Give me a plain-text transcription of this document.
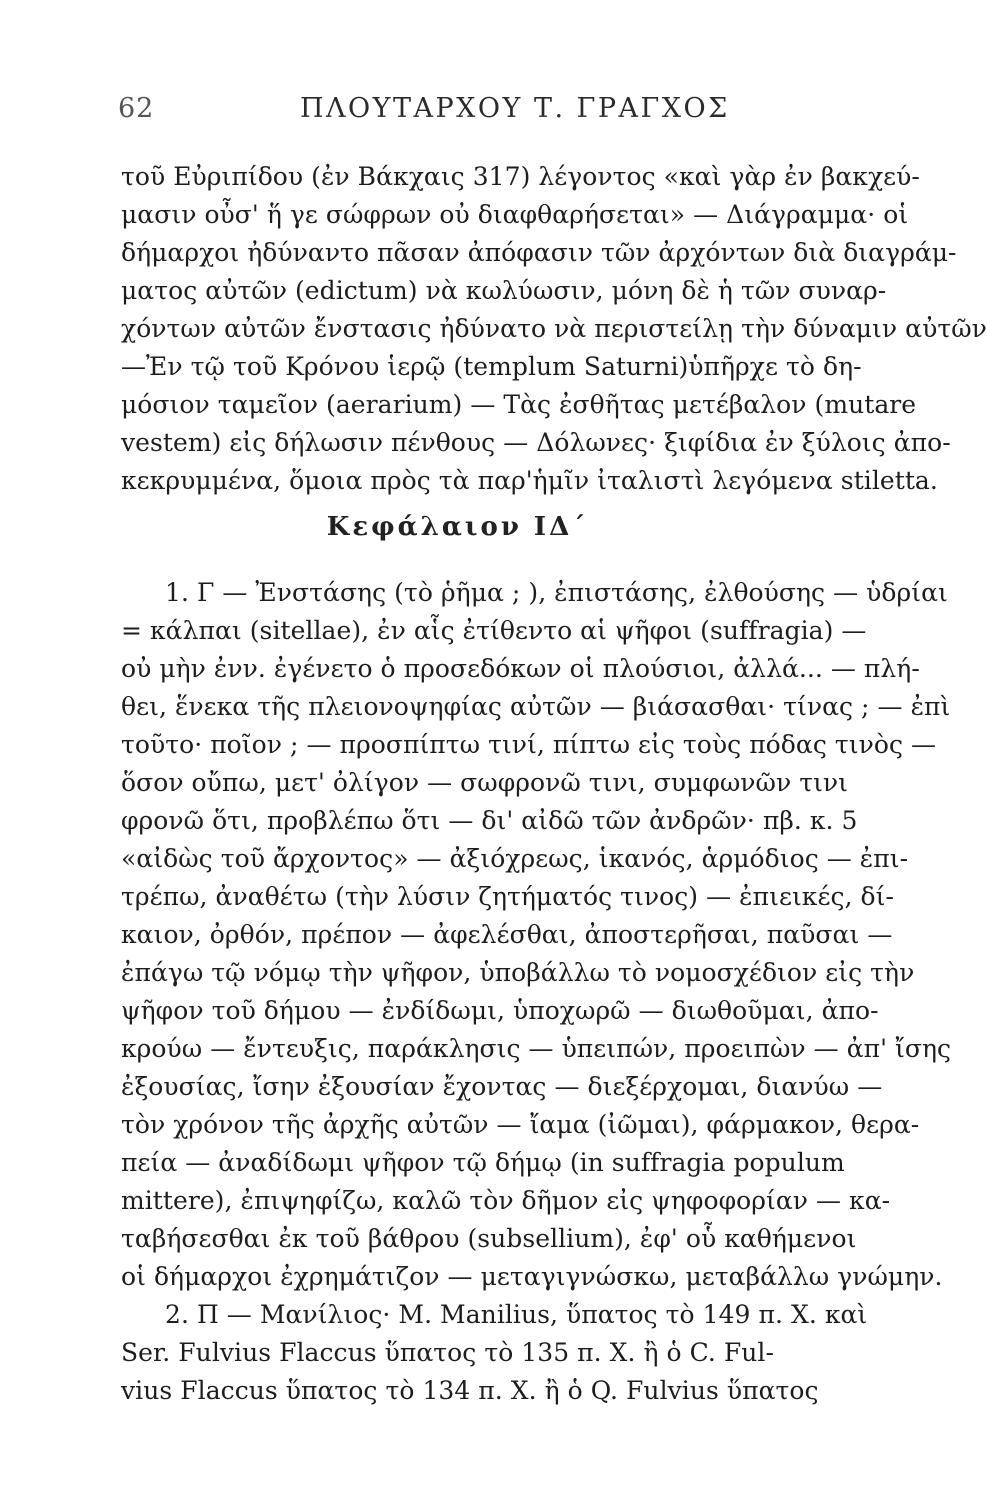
62	ΠΛΟΥΤΑΡΧΟΥ Τ. ΓΡΑΓΧΟΣ
τοῦ Εὐριπίδου (ἐν Βάκχαις 317) λέγοντος «καὶ γὰρ ἐν βακχεύ-
μασιν οὖσ' ἥ γε σώφρων οὐ διαφθαρήσεται» — Διάγραμμα· οἱ
δήμαρχοι ἠδύναντο πᾶσαν ἀπόφασιν τῶν ἀρχόντων διὰ διαγράμ-
ματος αὐτῶν (edictum) νὰ κωλύωσιν, μόνη δὲ ἡ τῶν συναρ-
χόντων αὐτῶν ἔνστασις ἠδύνατο νὰ περιστείλῃ τὴν δύναμιν αὐτῶν
—Ἐν τῷ τοῦ Κρόνου ἱερῷ (templum Saturni)ὑπῆρχε τὸ δη-
μόσιον ταμεῖον (aerarium) — Τὰς ἐσθῆτας μετέβαλον (mutare
vestem) εἰς δήλωσιν πένθους — Δόλωνες· ξιφίδια ἐν ξύλοις ἀπο-
κεκρυμμένα, ὅμοια πρὸς τὰ παρ'ἡμῖν ἰταλιστὶ λεγόμενα stiletta.
Κεφάλαιον ΙΔ΄
1. Γ — Ἐνστάσης (τὸ ῥῆμα ; ), ἐπιστάσης, ἐλθούσης — ὑδρίαι
= κάλπαι (sitellae), ἐν αἷς ἐτίθεντο αἱ ψῆφοι (suffragia) —
οὐ μὴν ἐνν. ἐγένετο ὁ προσεδόκων οἱ πλούσιοι, ἀλλά... — πλή-
θει, ἕνεκα τῆς πλειονοψηφίας αὐτῶν — βιάσασθαι· τίνας ; — ἐπὶ
τοῦτο· ποῖον ; — προσπίπτω τινί, πίπτω εἰς τοὺς πόδας τινὸς —
ὅσον οὔπω, μετ' ὀλίγον — σωφρονῶ τινι, συμφωνῶν τινι
φρονῶ ὅτι, προβλέπω ὅτι — δι' αἰδῶ τῶν ἀνδρῶν· πβ. κ. 5
«αἰδὼς τοῦ ἄρχοντος» — ἀξιόχρεως, ἱκανός, ἁρμόδιος — ἐπι-
τρέπω, ἀναθέτω (τὴν λύσιν ζητήματός τινος) — ἐπιεικές, δί-
καιον, ὀρθόν, πρέπον — ἀφελέσθαι, ἀποστερῆσαι, παῦσαι —
ἐπάγω τῷ νόμῳ τὴν ψῆφον, ὑποβάλλω τὸ νομοσχέδιον εἰς τὴν
ψῆφον τοῦ δήμου — ἐνδίδωμι, ὑποχωρῶ — διωθοῦμαι, ἀπο-
κρούω — ἔντευξις, παράκλησις — ὑπειπών, προειπὼν — ἀπ' ἴσης
ἐξουσίας, ἴσην ἐξουσίαν ἔχοντας — διεξέρχομαι, διανύω —
τὸν χρόνον τῆς ἀρχῆς αὐτῶν — ἴαμα (ἰῶμαι), φάρμακον, θερα-
πεία — ἀναδίδωμι ψῆφον τῷ δήμῳ (in suffragia populum
mittere), ἐπιψηφίζω, καλῶ τὸν δῆμον εἰς ψηφοφορίαν — κα-
ταβήσεσθαι ἐκ τοῦ βάθρου (subsellium), ἐφ' οὗ καθήμενοι
οἱ δήμαρχοι ἐχρημάτιζον — μεταγιγνώσκω, μεταβάλλω γνώμην.
2. Π — Μανίλιος· M. Manilius, ὕπατος τὸ 149 π. Χ. καὶ
Ser. Fulvius Flaccus ὕπατος τὸ 135 π. Χ. ἢ ὁ C. Ful-
vius Flaccus ὕπατος τὸ 134 π. Χ. ἢ ὁ Q. Fulvius ὕπατος
